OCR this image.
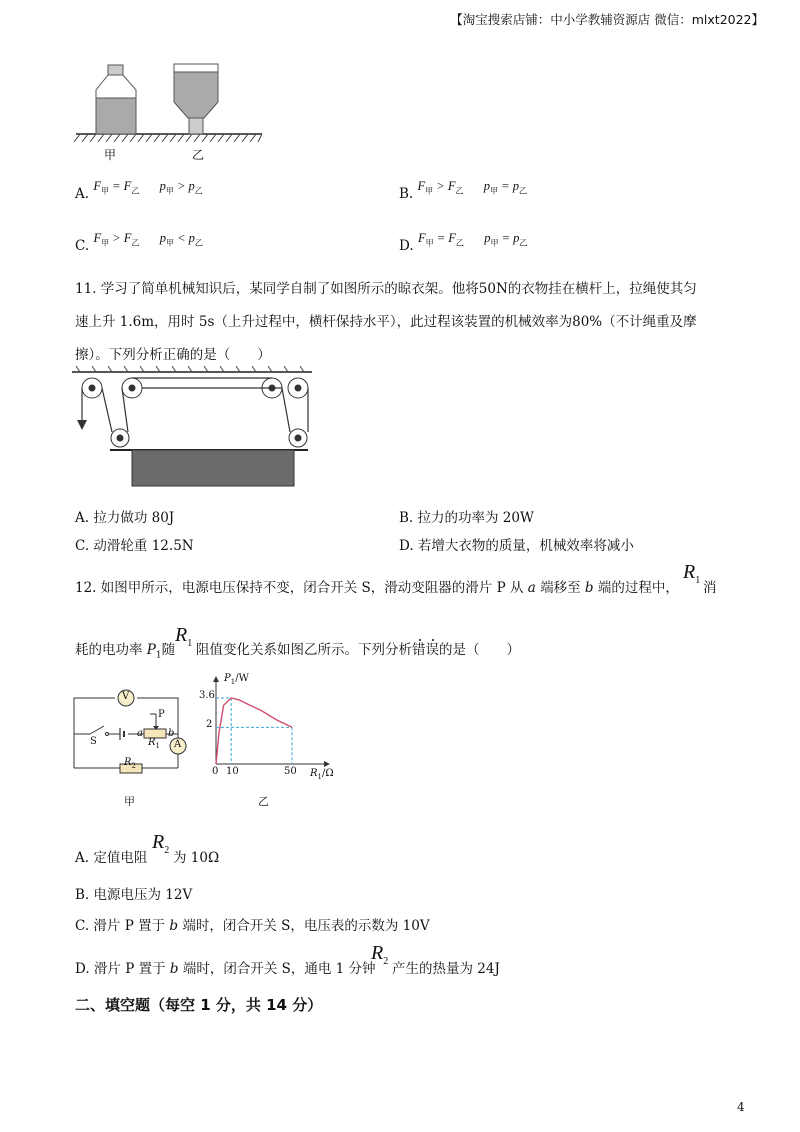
【淘宝搜索店铺：中小学教辅资源店 微信：mlxt2022】
甲	乙
A. $F_甲 = F_乙$ $p_甲 > p_乙$	B. $F_甲 > F_乙$ $p_甲 = p_乙$
C. $F_甲 > F_乙$ $p_甲 < p_乙$	D. $F_甲 = F_乙$ $p_甲 = p_乙$
11. 学习了简单机械知识后，某同学自制了如图所示的晾衣架。他将50N的衣物挂在横杆上，拉绳使其匀
速上升 1.6m，用时 5s（上升过程中，横杆保持水平），此过程该装置的机械效率为80%（不计绳重及摩
擦）。下列分析正确的是（　　）
A. 拉力做功 80J	B. 拉力的功率为 20W
C. 动滑轮重 12.5N	D. 若增大衣物的质量，机械效率将减小
12. 如图甲所示，电源电压保持不变，闭合开关 S，滑动变阻器的滑片 P 从 a 端移至 b 端的过程中，
$R_1$ 消
耗的电功率 $P_1$随
$R_1$ 阻值变化关系如图乙所示。下列分析错误的是（　　）
V
A
S
P
a	b
$R_1$
$R_2$
甲
$P_1/W$
$R_1/\Omega$
3.6
2
0 10	50
乙
A. 定值电阻
$R_2$ 为 10Ω
B. 电源电压为 12V
C. 滑片 P 置于 b 端时，闭合开关 S，电压表的示数为 10V
D. 滑片 P 置于 b 端时，闭合开关 S，通电 1 分钟
$R_2$ 产生的热量为 24J
二、填空题（每空 1 分，共 14 分）
4
